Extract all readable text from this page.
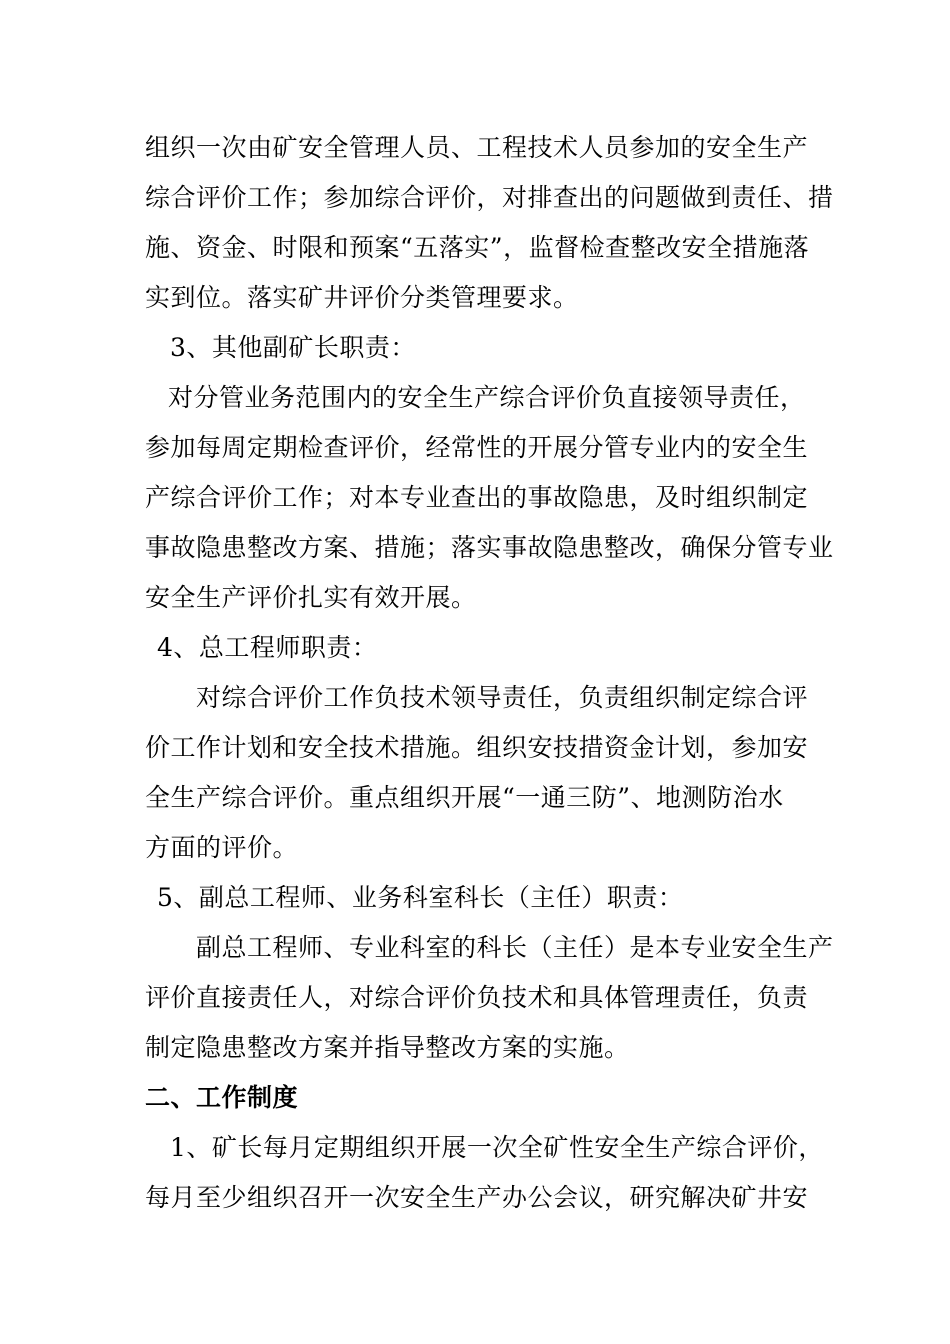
组织一次由矿安全管理人员、工程技术人员参加的安全生产
综合评价工作；参加综合评价，对排查出的问题做到责任、措
施、资金、时限和预案“五落实”，监督检查整改安全措施落
实到位。落实矿井评价分类管理要求。
3、其他副矿长职责：
对分管业务范围内的安全生产综合评价负直接领导责任，
参加每周定期检查评价，经常性的开展分管专业内的安全生
产综合评价工作；对本专业查出的事故隐患，及时组织制定
事故隐患整改方案、措施；落实事故隐患整改，确保分管专业
安全生产评价扎实有效开展。
4、总工程师职责：
对综合评价工作负技术领导责任，负责组织制定综合评
价工作计划和安全技术措施。组织安技措资金计划，参加安
全生产综合评价。重点组织开展“一通三防”、地测防治水
方面的评价。
5、副总工程师、业务科室科长（主任）职责：
副总工程师、专业科室的科长（主任）是本专业安全生产
评价直接责任人，对综合评价负技术和具体管理责任，负责
制定隐患整改方案并指导整改方案的实施。
二、工作制度
1、矿长每月定期组织开展一次全矿性安全生产综合评价，
每月至少组织召开一次安全生产办公会议，研究解决矿井安
